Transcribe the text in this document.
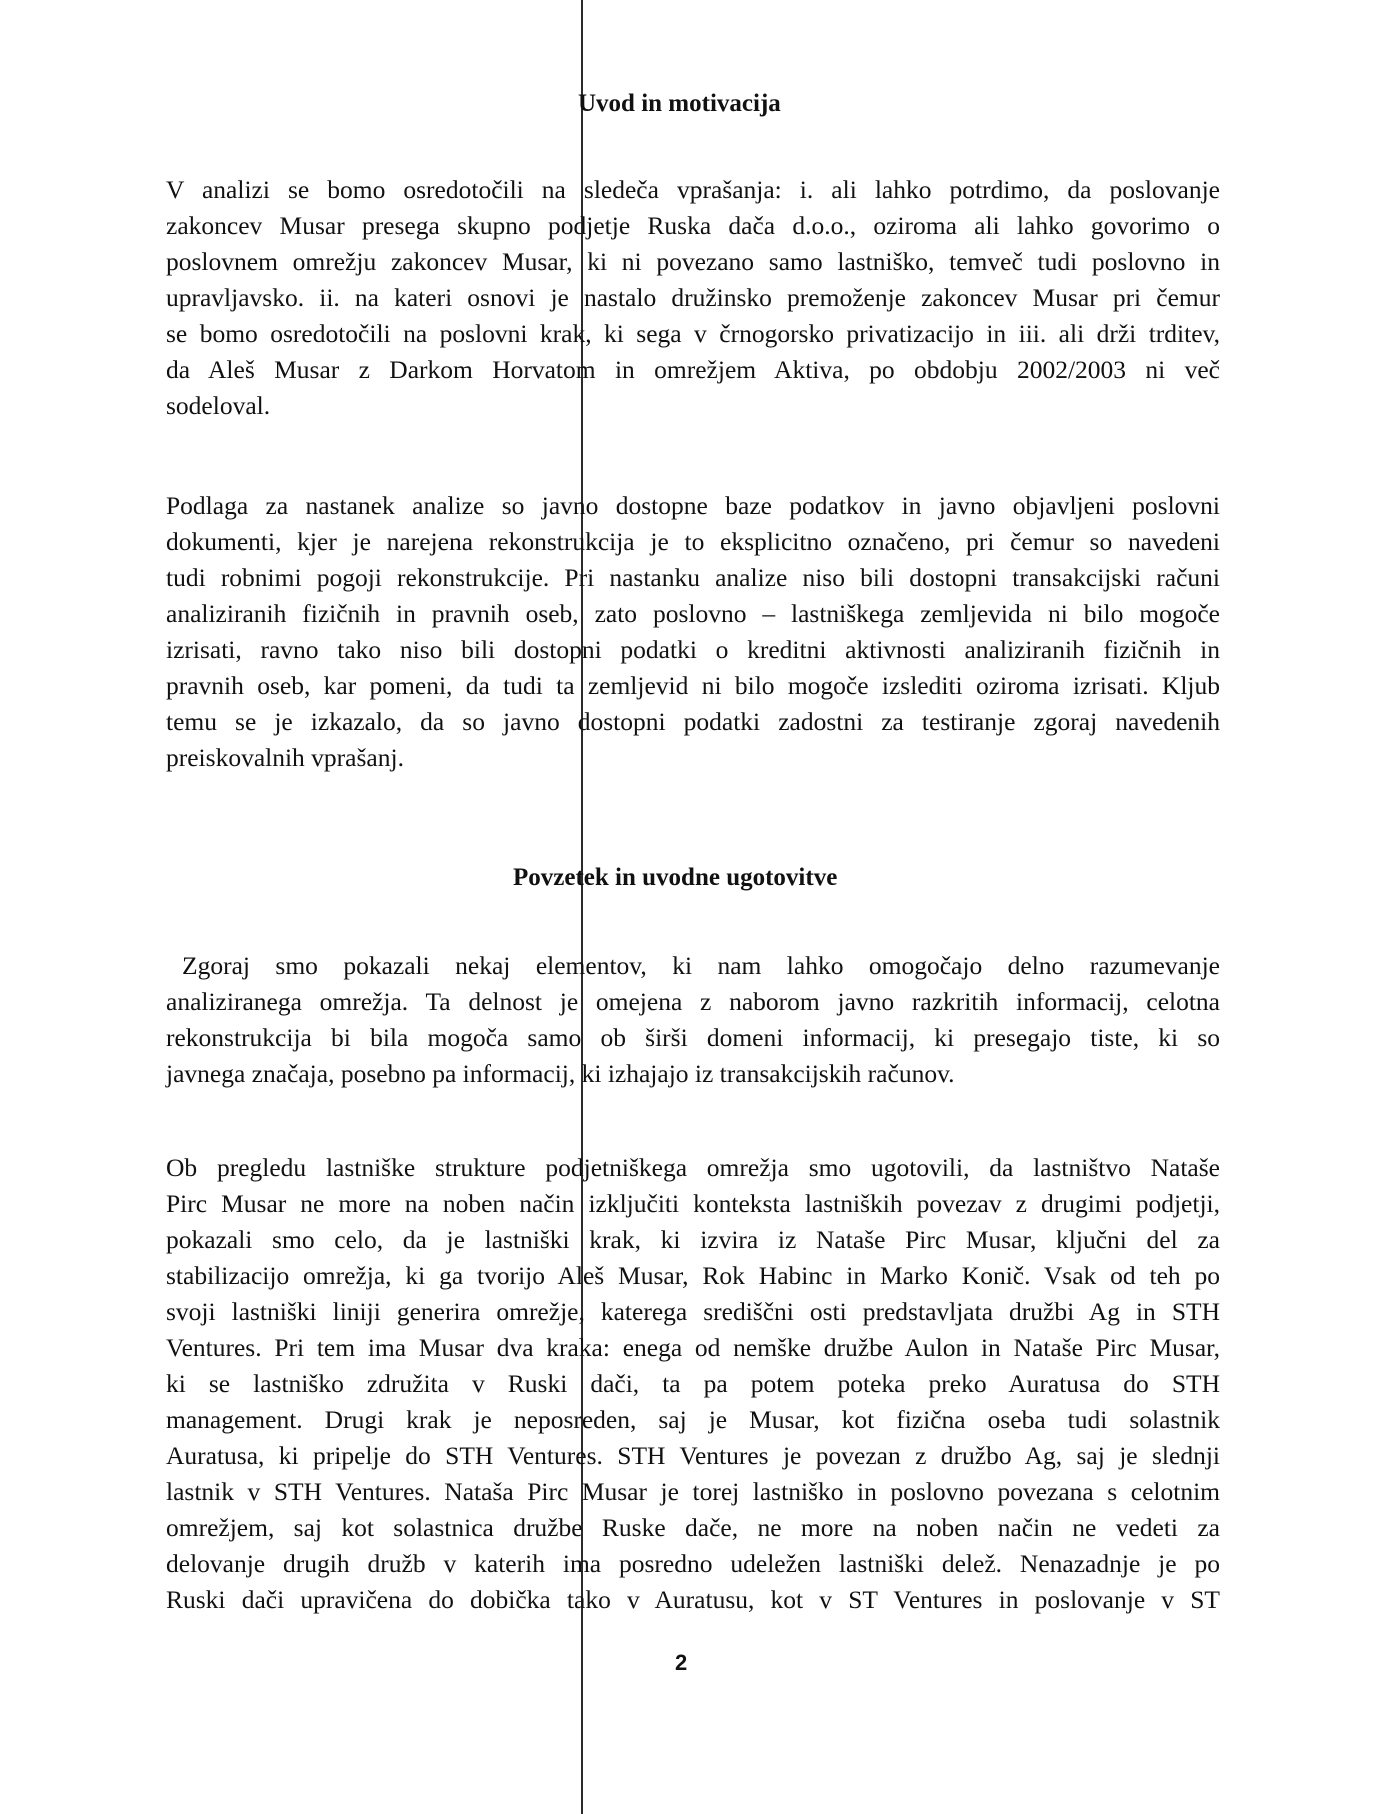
Uvod in motivacija
V analizi se bomo osredotočili na sledeča vprašanja: i. ali lahko potrdimo, da poslovanje
zakoncev Musar presega skupno podjetje Ruska dača d.o.o., oziroma ali lahko govorimo o
poslovnem omrežju zakoncev Musar, ki ni povezano samo lastniško, temveč tudi poslovno in
upravljavsko. ii. na kateri osnovi je nastalo družinsko premoženje zakoncev Musar pri čemur
se bomo osredotočili na poslovni krak, ki sega v črnogorsko privatizacijo in iii. ali drži trditev,
da Aleš Musar z Darkom Horvatom in omrežjem Aktiva, po obdobju 2002/2003 ni več
sodeloval.
Podlaga za nastanek analize so javno dostopne baze podatkov in javno objavljeni poslovni
dokumenti, kjer je narejena rekonstrukcija je to eksplicitno označeno, pri čemur so navedeni
tudi robnimi pogoji rekonstrukcije. Pri nastanku analize niso bili dostopni transakcijski računi
analiziranih fizičnih in pravnih oseb, zato poslovno – lastniškega zemljevida ni bilo mogoče
izrisati, ravno tako niso bili dostopni podatki o kreditni aktivnosti analiziranih fizičnih in
pravnih oseb, kar pomeni, da tudi ta zemljevid ni bilo mogoče izslediti oziroma izrisati. Kljub
temu se je izkazalo, da so javno dostopni podatki zadostni za testiranje zgoraj navedenih
preiskovalnih vprašanj.
Povzetek in uvodne ugotovitve
Zgoraj smo pokazali nekaj elementov, ki nam lahko omogočajo delno razumevanje
analiziranega omrežja. Ta delnost je omejena z naborom javno razkritih informacij, celotna
rekonstrukcija bi bila mogoča samo ob širši domeni informacij, ki presegajo tiste, ki so
javnega značaja, posebno pa informacij, ki izhajajo iz transakcijskih računov.
Ob pregledu lastniške strukture podjetniškega omrežja smo ugotovili, da lastništvo Nataše
Pirc Musar ne more na noben način izključiti konteksta lastniških povezav z drugimi podjetji,
pokazali smo celo, da je lastniški krak, ki izvira iz Nataše Pirc Musar, ključni del za
stabilizacijo omrežja, ki ga tvorijo Aleš Musar, Rok Habinc in Marko Konič. Vsak od teh po
svoji lastniški liniji generira omrežje, katerega središčni osti predstavljata družbi Ag in STH
Ventures. Pri tem ima Musar dva kraka: enega od nemške družbe Aulon in Nataše Pirc Musar,
ki se lastniško združita v Ruski dači, ta pa potem poteka preko Auratusa do STH
management. Drugi krak je neposreden, saj je Musar, kot fizična oseba tudi solastnik
Auratusa, ki pripelje do STH Ventures. STH Ventures je povezan z družbo Ag, saj je slednji
lastnik v STH Ventures. Nataša Pirc Musar je torej lastniško in poslovno povezana s celotnim
omrežjem, saj kot solastnica družbe Ruske dače, ne more na noben način ne vedeti za
delovanje drugih družb v katerih ima posredno udeležen lastniški delež. Nenazadnje je po
Ruski dači upravičena do dobička tako v Auratusu, kot v ST Ventures in poslovanje v ST
2
